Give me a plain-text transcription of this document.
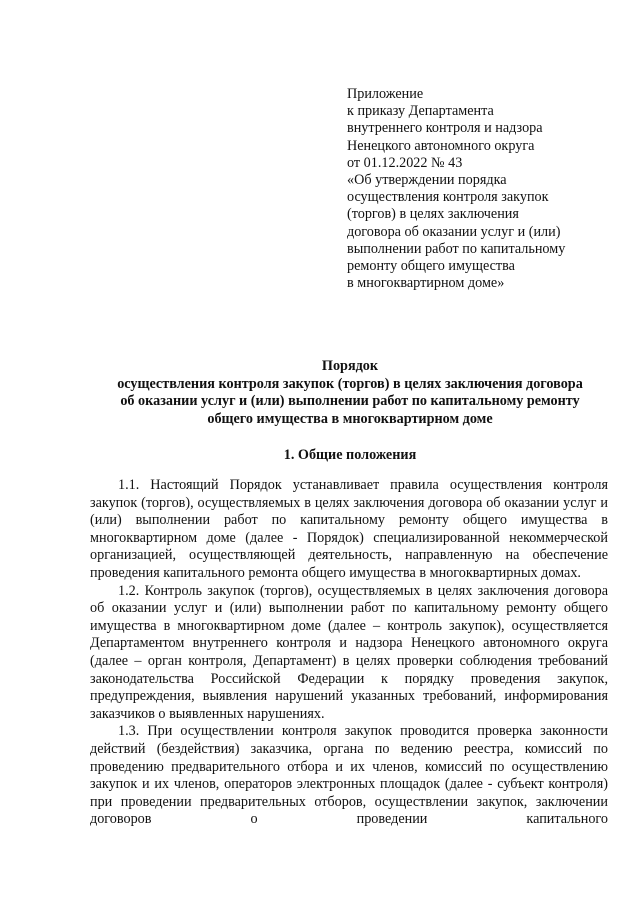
Приложение
к приказу Департамента
внутреннего контроля и надзора
Ненецкого автономного округа
от 01.12.2022 № 43
«Об утверждении порядка
осуществления контроля закупок
(торгов) в целях заключения
договора об оказании услуг и (или)
выполнении работ по капитальному
ремонту общего имущества
в многоквартирном доме»
Порядок
осуществления контроля закупок (торгов) в целях заключения договора
об оказании услуг и (или) выполнении работ по капитальному ремонту
общего имущества в многоквартирном доме
1. Общие положения

1.1. Настоящий Порядок устанавливает правила осуществления контроля закупок (торгов), осуществляемых в целях заключения договора об оказании услуг и (или) выполнении работ по капитальному ремонту общего имущества в многоквартирном доме (далее - Порядок) специализированной некоммерческой организацией, осуществляющей деятельность, направленную на обеспечение проведения капитального ремонта общего имущества в многоквартирных домах.

1.2. Контроль закупок (торгов), осуществляемых в целях заключения договора об оказании услуг и (или) выполнении работ по капитальному ремонту общего имущества в многоквартирном доме (далее – контроль закупок), осуществляется Департаментом внутреннего контроля и надзора Ненецкого автономного округа (далее – орган контроля, Департамент) в целях проверки соблюдения требований законодательства Российской Федерации к порядку проведения закупок, предупреждения, выявления нарушений указанных требований, информирования заказчиков о выявленных нарушениях.

1.3. При осуществлении контроля закупок проводится проверка законности действий (бездействия) заказчика, органа по ведению реестра, комиссий по проведению предварительного отбора и их членов, комиссий по осуществлению закупок и их членов, операторов электронных площадок (далее - субъект контроля) при проведении предварительных отборов, осуществлении закупок, заключении договоров о проведении капитального
